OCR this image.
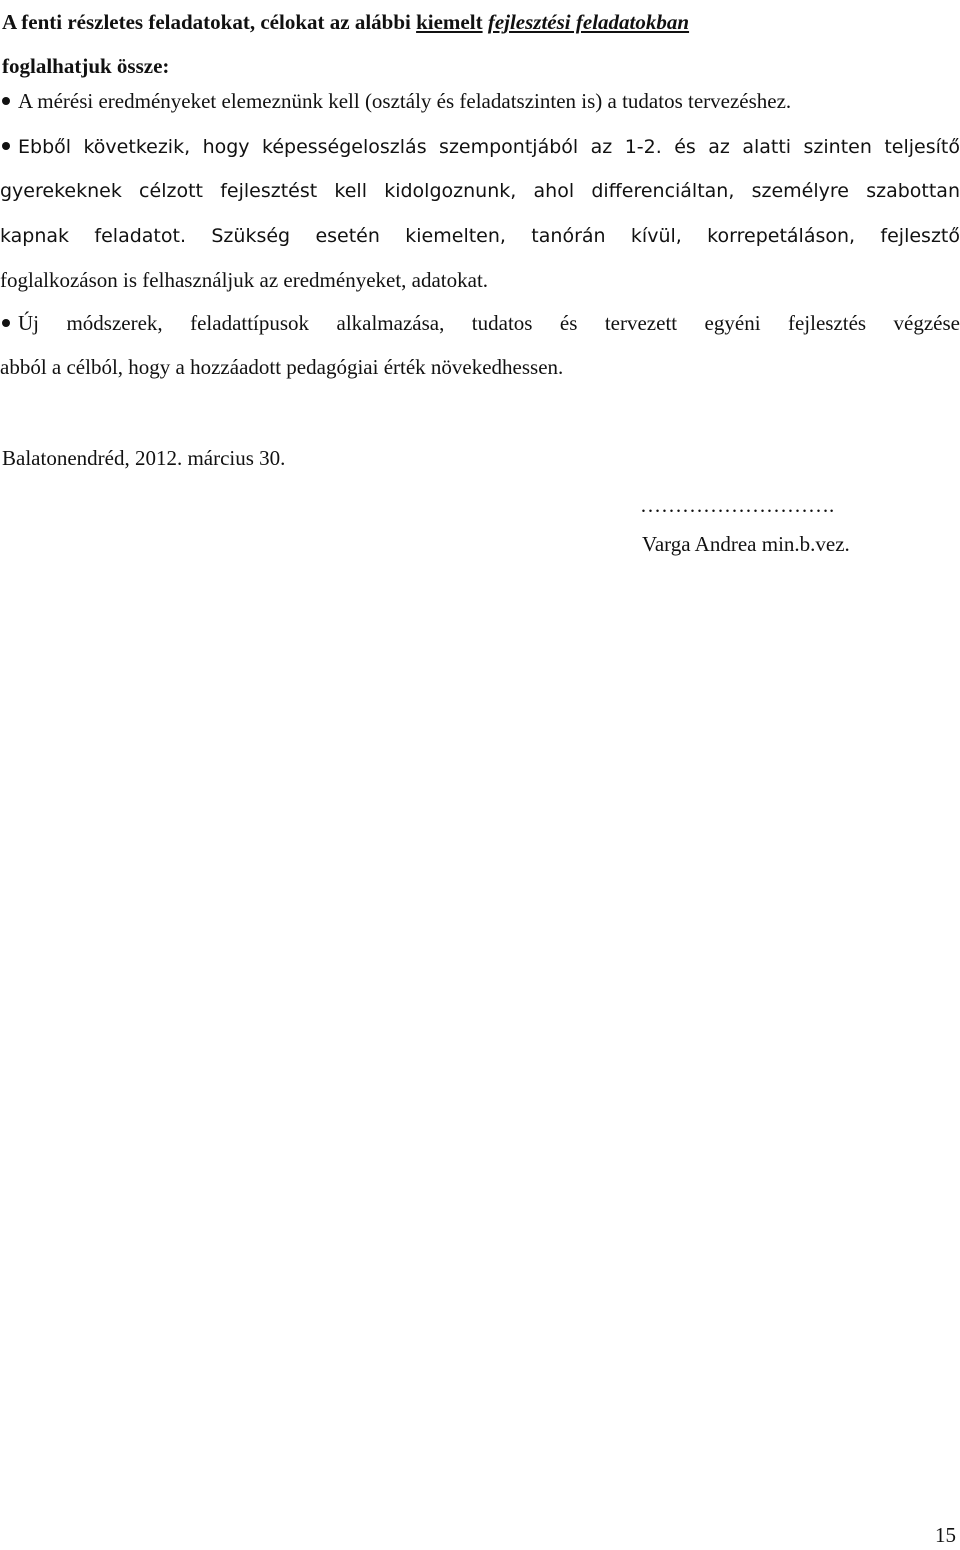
A fenti részletes feladatokat, célokat az alábbi kiemelt fejlesztési feladatokban
foglalhatjuk össze:
A mérési eredményeket elemeznünk kell (osztály és feladatszinten is) a tudatos tervezéshez.
Ebből következik, hogy képességeloszlás szempontjából az 1-2. és az alatti szinten teljesítő
gyerekeknek célzott fejlesztést kell kidolgoznunk, ahol differenciáltan, személyre szabottan
kapnak feladatot. Szükség esetén kiemelten, tanórán kívül, korrepetáláson, fejlesztő
foglalkozáson is felhasználjuk az eredményeket, adatokat.
Új módszerek, feladattípusok alkalmazása, tudatos és tervezett egyéni fejlesztés végzése
abból a célból, hogy a hozzáadott pedagógiai érték növekedhessen.

Balatonendréd, 2012. március 30.

……………………….

Varga Andrea min.b.vez.

15
